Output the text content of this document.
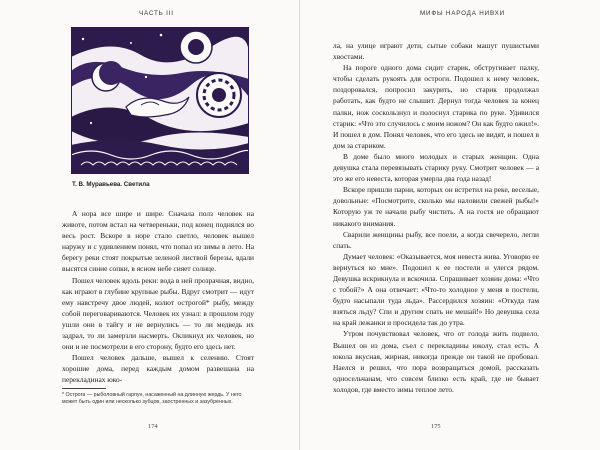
ЧАСТЬ III
Т. В. Муравьева. Светила

А нора все шире и шире. Сначала полз человек на животе, потом встал на четвереньки, под конец поднялся во весь рост. Вскоре в норе стало светло, человек вышел наружу и с удивлением понял, что попал из зимы в лето. На берегу реки стоят покрытые зеленой листвой березы, вдали высятся синие сопки, в ясном небе сияет солнце.

Пошел человек вдоль реки: вода в ней прозрачная, видно, как играют в глубине крупные рыбы. Вдруг смотрит — идут ему навстречу двое людей, колют острогой* рыбу, между собой переговариваются. Человек их узнал: в прошлом году ушли они в тайгу и не вернулись — то ли медведь их задрал, то ли замерзли насмерть. Окликнул их человек, но они и не посмотрели в его сторону, будто его здесь нет.

Пошел человек дальше, вышел к селению. Стоят хорошие дома, перед каждым домом развешана на перекладинах юко-

* Острога — рыболовный гарпун, насаженный на длинную жердь. У него может быть один или несколько зубцов, заостренных и зазубренных.
174
МИФЫ НАРОДА НИВХИ

ла, на улице играют дети, сытые собаки машут пушистыми хвостами.

На пороге одного дома сидит старик, обстругивает палку, чтобы сделать рукоять для остроги. Подошел к нему человек, поздоровался, попросил закурить, но старик продолжал работать, как будто не слышит. Дернул тогда человек за конец палки, нож соскользнул и полоснул старика по руке. Удивился старик: «Что это случилось с моим ножом? Он как будто ожил!». И пошел в дом. Понял человек, что его здесь не видят, и пошел в дом за стариком.

В доме было много молодых и старых женщин. Одна девушка стала перевязывать старику руку. Смотрит человек — а это же его невеста, которая умерла два года назад!

Вскоре пришли парни, которых он встретил на реке, веселые, довольные: «Посмотрите, сколько мы наловили свежей рыбы!» Которую уж те начали рыбу чистить. А на гостя не обращают никакого внимания.

Сварили женщины рыбу, все поели, а когда свечерело, легли спать.

Думает человек: «Оказывается, моя невеста жива. Уговорю ее вернуться ко мне». Подошел к ее постели и улегся рядом. Девушка вскрикнула и вскочила. Спрашивает хозяин дома: «Что с тобой?» А она отвечает: «Что-то холодное у меня в постели, будто насыпали туда льда». Рассердился хозяин: «Откуда там взяться льду? Спи и другим спать не мешай!» Но девушка села на край лежанки и просидела так до утра.

Утром почувствовал человек, что от голода жить подвело. Вышел он из дома, съел с перекладины юколу, стал есть. А юкола вкусная, жирная, никогда прежде он такой не пробовал. Наелся и решил, что пора возвращаться домой, рассказать односельчанам, что совсем близко есть край, где не бывает холодов, где вместо зимы теплое лето.

175
